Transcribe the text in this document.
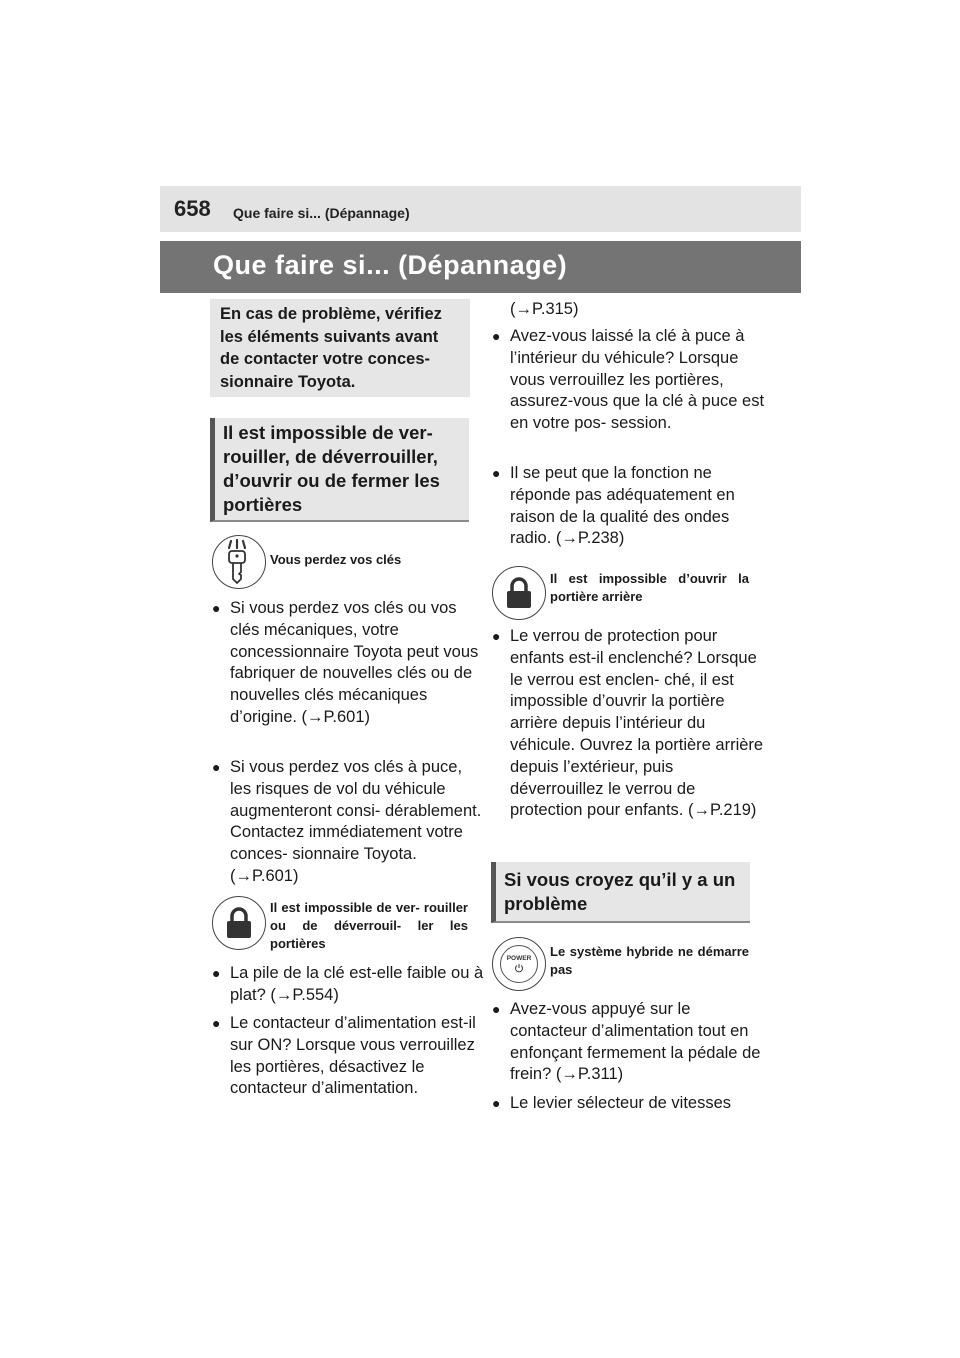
658 Que faire si... (Dépannage)
Que faire si... (Dépannage)

En cas de problème, vérifiez les éléments suivants avant de contacter votre conces- sionnaire Toyota.

Il est impossible de ver- rouiller, de déverrouiller, d’ouvrir ou de fermer les portières

Vous perdez vos clés
● Si vous perdez vos clés ou vos clés mécaniques, votre concessionnaire Toyota peut vous fabriquer de nouvelles clés ou de nouvelles clés mécaniques d’origine. (→P.601)
● Si vous perdez vos clés à puce, les risques de vol du véhicule augmenteront consi- dérablement. Contactez immédiatement votre conces- sionnaire Toyota. (→P.601)
Il est impossible de ver- rouiller ou de déverrouil- ler les portières
● La pile de la clé est-elle faible ou à plat? (→P.554)
● Le contacteur d’alimentation est-il sur ON? Lorsque vous verrouillez les portières, désactivez le contacteur d’alimentation.
(→P.315)
● Avez-vous laissé la clé à puce à l’intérieur du véhicule? Lorsque vous verrouillez les portières, assurez-vous que la clé à puce est en votre pos- session.
● Il se peut que la fonction ne réponde pas adéquatement en raison de la qualité des ondes radio. (→P.238)
Il est impossible d’ouvrir la portière arrière
● Le verrou de protection pour enfants est-il enclenché? Lorsque le verrou est enclen- ché, il est impossible d’ouvrir la portière arrière depuis l’intérieur du véhicule. Ouvrez la portière arrière depuis l’extérieur, puis déverrouillez le verrou de protection pour enfants. (→P.219)

Si vous croyez qu’il y a un problème

POWER Le système hybride ne démarre pas
● Avez-vous appuyé sur le contacteur d’alimentation tout en enfonçant fermement la pédale de frein? (→P.311)
● Le levier sélecteur de vitesses
